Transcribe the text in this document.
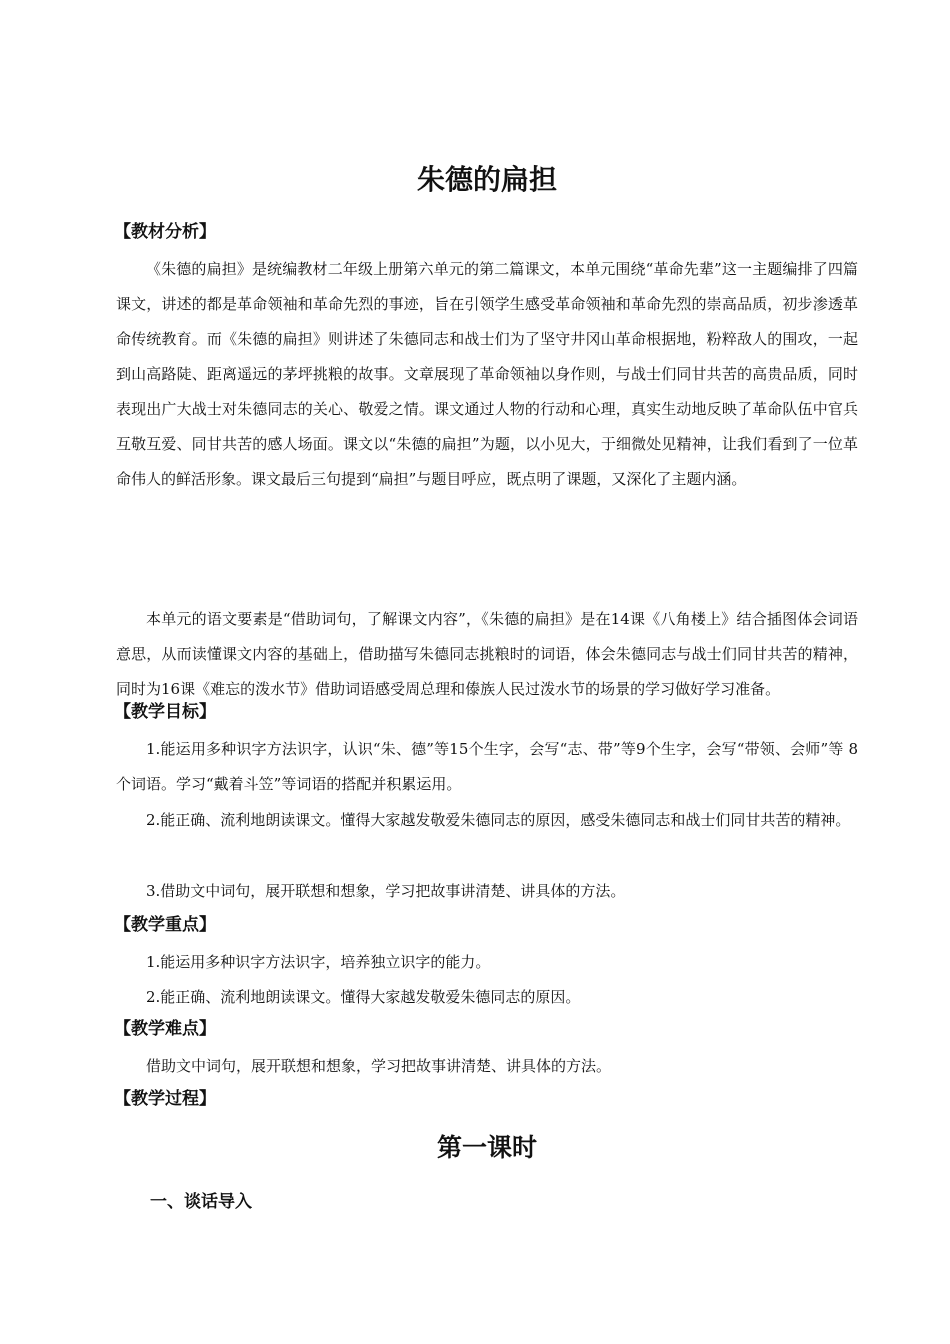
朱德的扁担
【教材分析】

《朱德的扁担》是统编教材二年级上册第六单元的第二篇课文，本单元围绕“革命先辈”这一主题编排了四篇课文，讲述的都是革命领袖和革命先烈的事迹，旨在引领学生感受革命领袖和革命先烈的崇高品质，初步渗透革命传统教育。而《朱德的扁担》则讲述了朱德同志和战士们为了坚守井冈山革命根据地，粉粹敌人的围攻，一起到山高路陡、距离遥远的茅坪挑粮的故事。文章展现了革命领袖以身作则，与战士们同甘共苦的高贵品质，同时表现出广大战士对朱德同志的关心、敬爱之情。课文通过人物的行动和心理，真实生动地反映了革命队伍中官兵互敬互爱、同甘共苦的感人场面。课文以“朱德的扁担”为题，以小见大，于细微处见精神，让我们看到了一位革命伟人的鲜活形象。课文最后三句提到“扁担”与题目呼应，既点明了课题，又深化了主题内涵。

本单元的语文要素是“借助词句，了解课文内容”，《朱德的扁担》是在14课《八角楼上》结合插图体会词语意思，从而读懂课文内容的基础上，借助描写朱德同志挑粮时的词语，体会朱德同志与战士们同甘共苦的精神，同时为16课《难忘的泼水节》借助词语感受周总理和傣族人民过泼水节的场景的学习做好学习准备。

【教学目标】

1.能运用多种识字方法识字，认识“朱、德”等15个生字，会写“志、带”等9个生字，会写“带领、会师”等 8 个词语。学习“戴着斗笠”等词语的搭配并积累运用。

2.能正确、流利地朗读课文。懂得大家越发敬爱朱德同志的原因，感受朱德同志和战士们同甘共苦的精神。

3.借助文中词句，展开联想和想象，学习把故事讲清楚、讲具体的方法。

【教学重点】

1.能运用多种识字方法识字，培养独立识字的能力。

2.能正确、流利地朗读课文。懂得大家越发敬爱朱德同志的原因。

【教学难点】

借助文中词句，展开联想和想象，学习把故事讲清楚、讲具体的方法。

【教学过程】
第一课时
一、谈话导入
